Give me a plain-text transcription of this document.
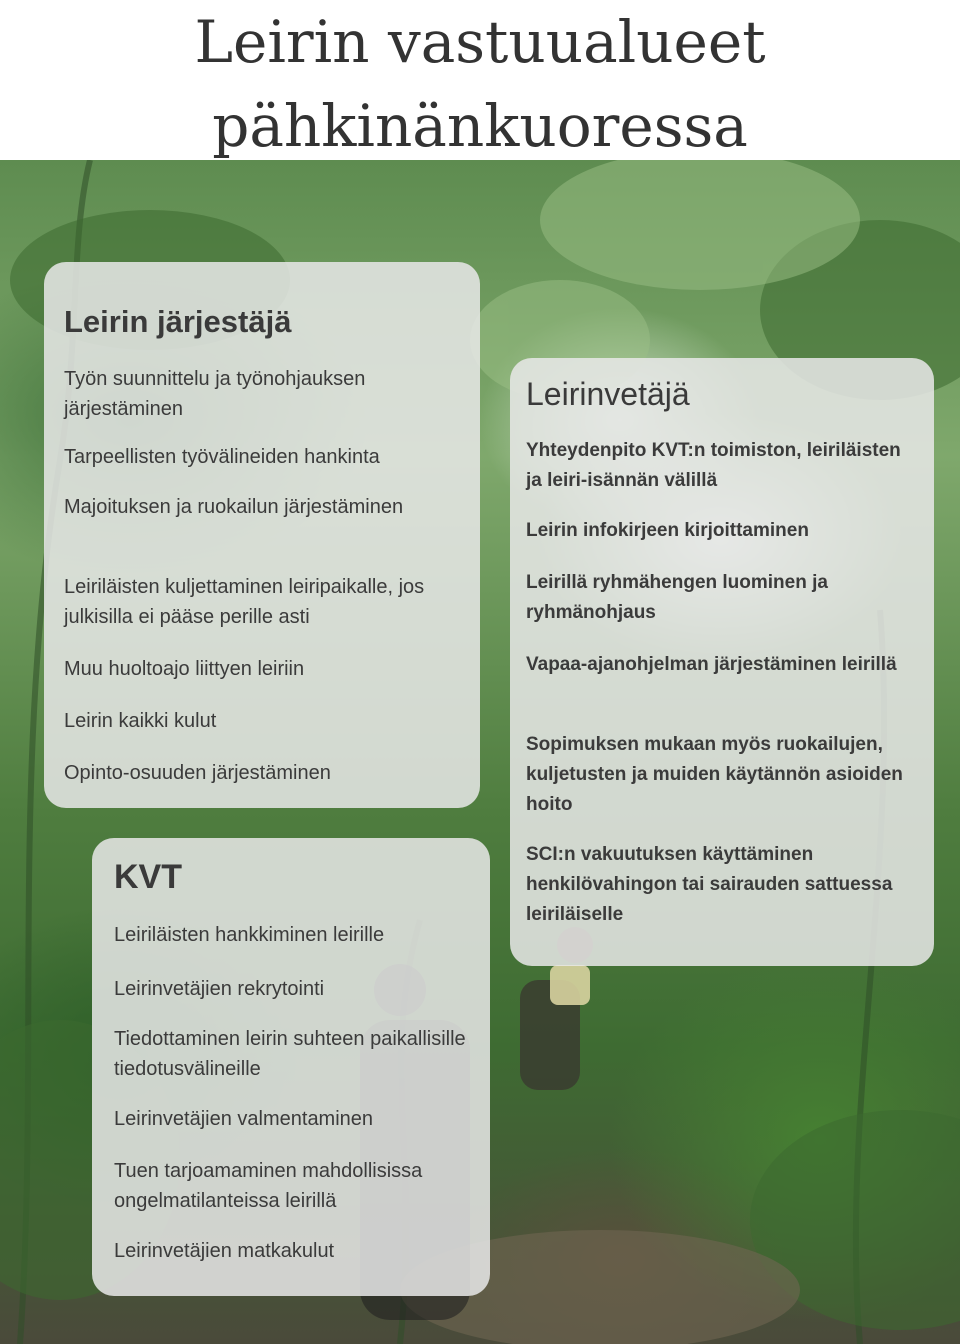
Leirin vastuualueet
pähkinänkuoressa
Leirin järjestäjä

Työn suunnittelu ja työnohjauksen järjestäminen

Tarpeellisten työvälineiden hankinta

Majoituksen ja ruokailun järjestäminen

Leiriläisten kuljettaminen leiripaikalle, jos julkisilla ei pääse perille asti

Muu huoltoajo liittyen leiriin

Leirin kaikki kulut

Opinto-osuuden järjestäminen

Leirinvetäjä

Yhteydenpito KVT:n toimiston, leiriläisten ja leiri-isännän välillä

Leirin infokirjeen kirjoittaminen

Leirillä ryhmähengen luominen ja ryhmänohjaus

Vapaa-ajanohjelman järjestäminen leirillä

Sopimuksen mukaan myös ruokailujen, kuljetusten ja muiden käytännön asioiden hoito

SCI:n vakuutuksen käyttäminen henkilövahingon tai sairauden sattuessa leiriläiselle

KVT

Leiriläisten hankkiminen leirille

Leirinvetäjien rekrytointi

Tiedottaminen leirin suhteen paikallisille tiedotusvälineille

Leirinvetäjien valmentaminen

Tuen tarjoamaminen mahdollisissa ongelmatilanteissa leirillä

Leirinvetäjien matkakulut
